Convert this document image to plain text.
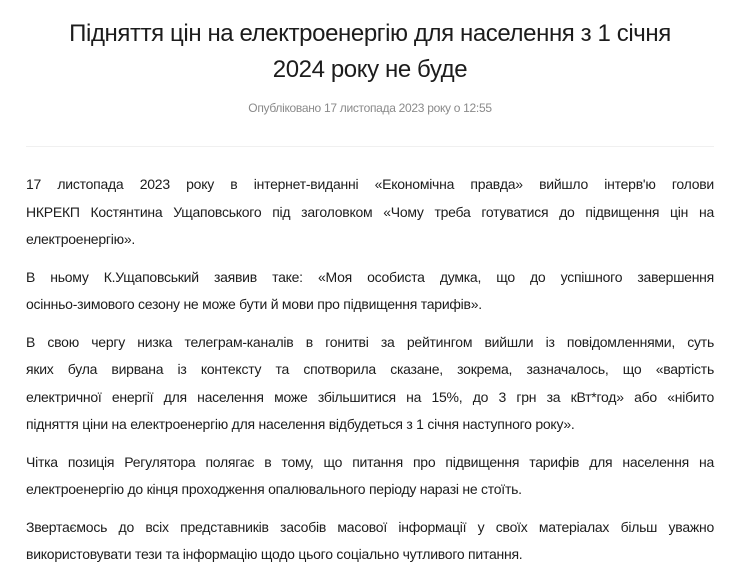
Підняття цін на електроенергію для населення з 1 січня
2024 року не буде
Опубліковано 17 листопада 2023 року о 12:55
17 листопада 2023 року в інтернет-виданні «Економічна правда» вийшло інтерв'ю голови
НКРЕКП Костянтина Ущаповського під заголовком «Чому треба готуватися до підвищення цін на
електроенергію».
В ньому К.Ущаповський заявив таке: «Моя особиста думка, що до успішного завершення
осінньо-зимового сезону не може бути й мови про підвищення тарифів».
В свою чергу низка телеграм-каналів в гонитві за рейтингом вийшли із повідомленнями, суть
яких була вирвана із контексту та спотворила сказане, зокрема, зазначалось, що «вартість
електричної енергії для населення може збільшитися на 15%, до 3 грн за кВт*год» або «нібито
підняття ціни на електроенергію для населення відбудеться з 1 січня наступного року».
Чітка позиція Регулятора полягає в тому, що питання про підвищення тарифів для населення на
електроенергію до кінця проходження опалювального періоду наразі не стоїть.
Звертаємось до всіх представників засобів масової інформації у своїх матеріалах більш уважно
використовувати тези та інформацію щодо цього соціально чутливого питання.
